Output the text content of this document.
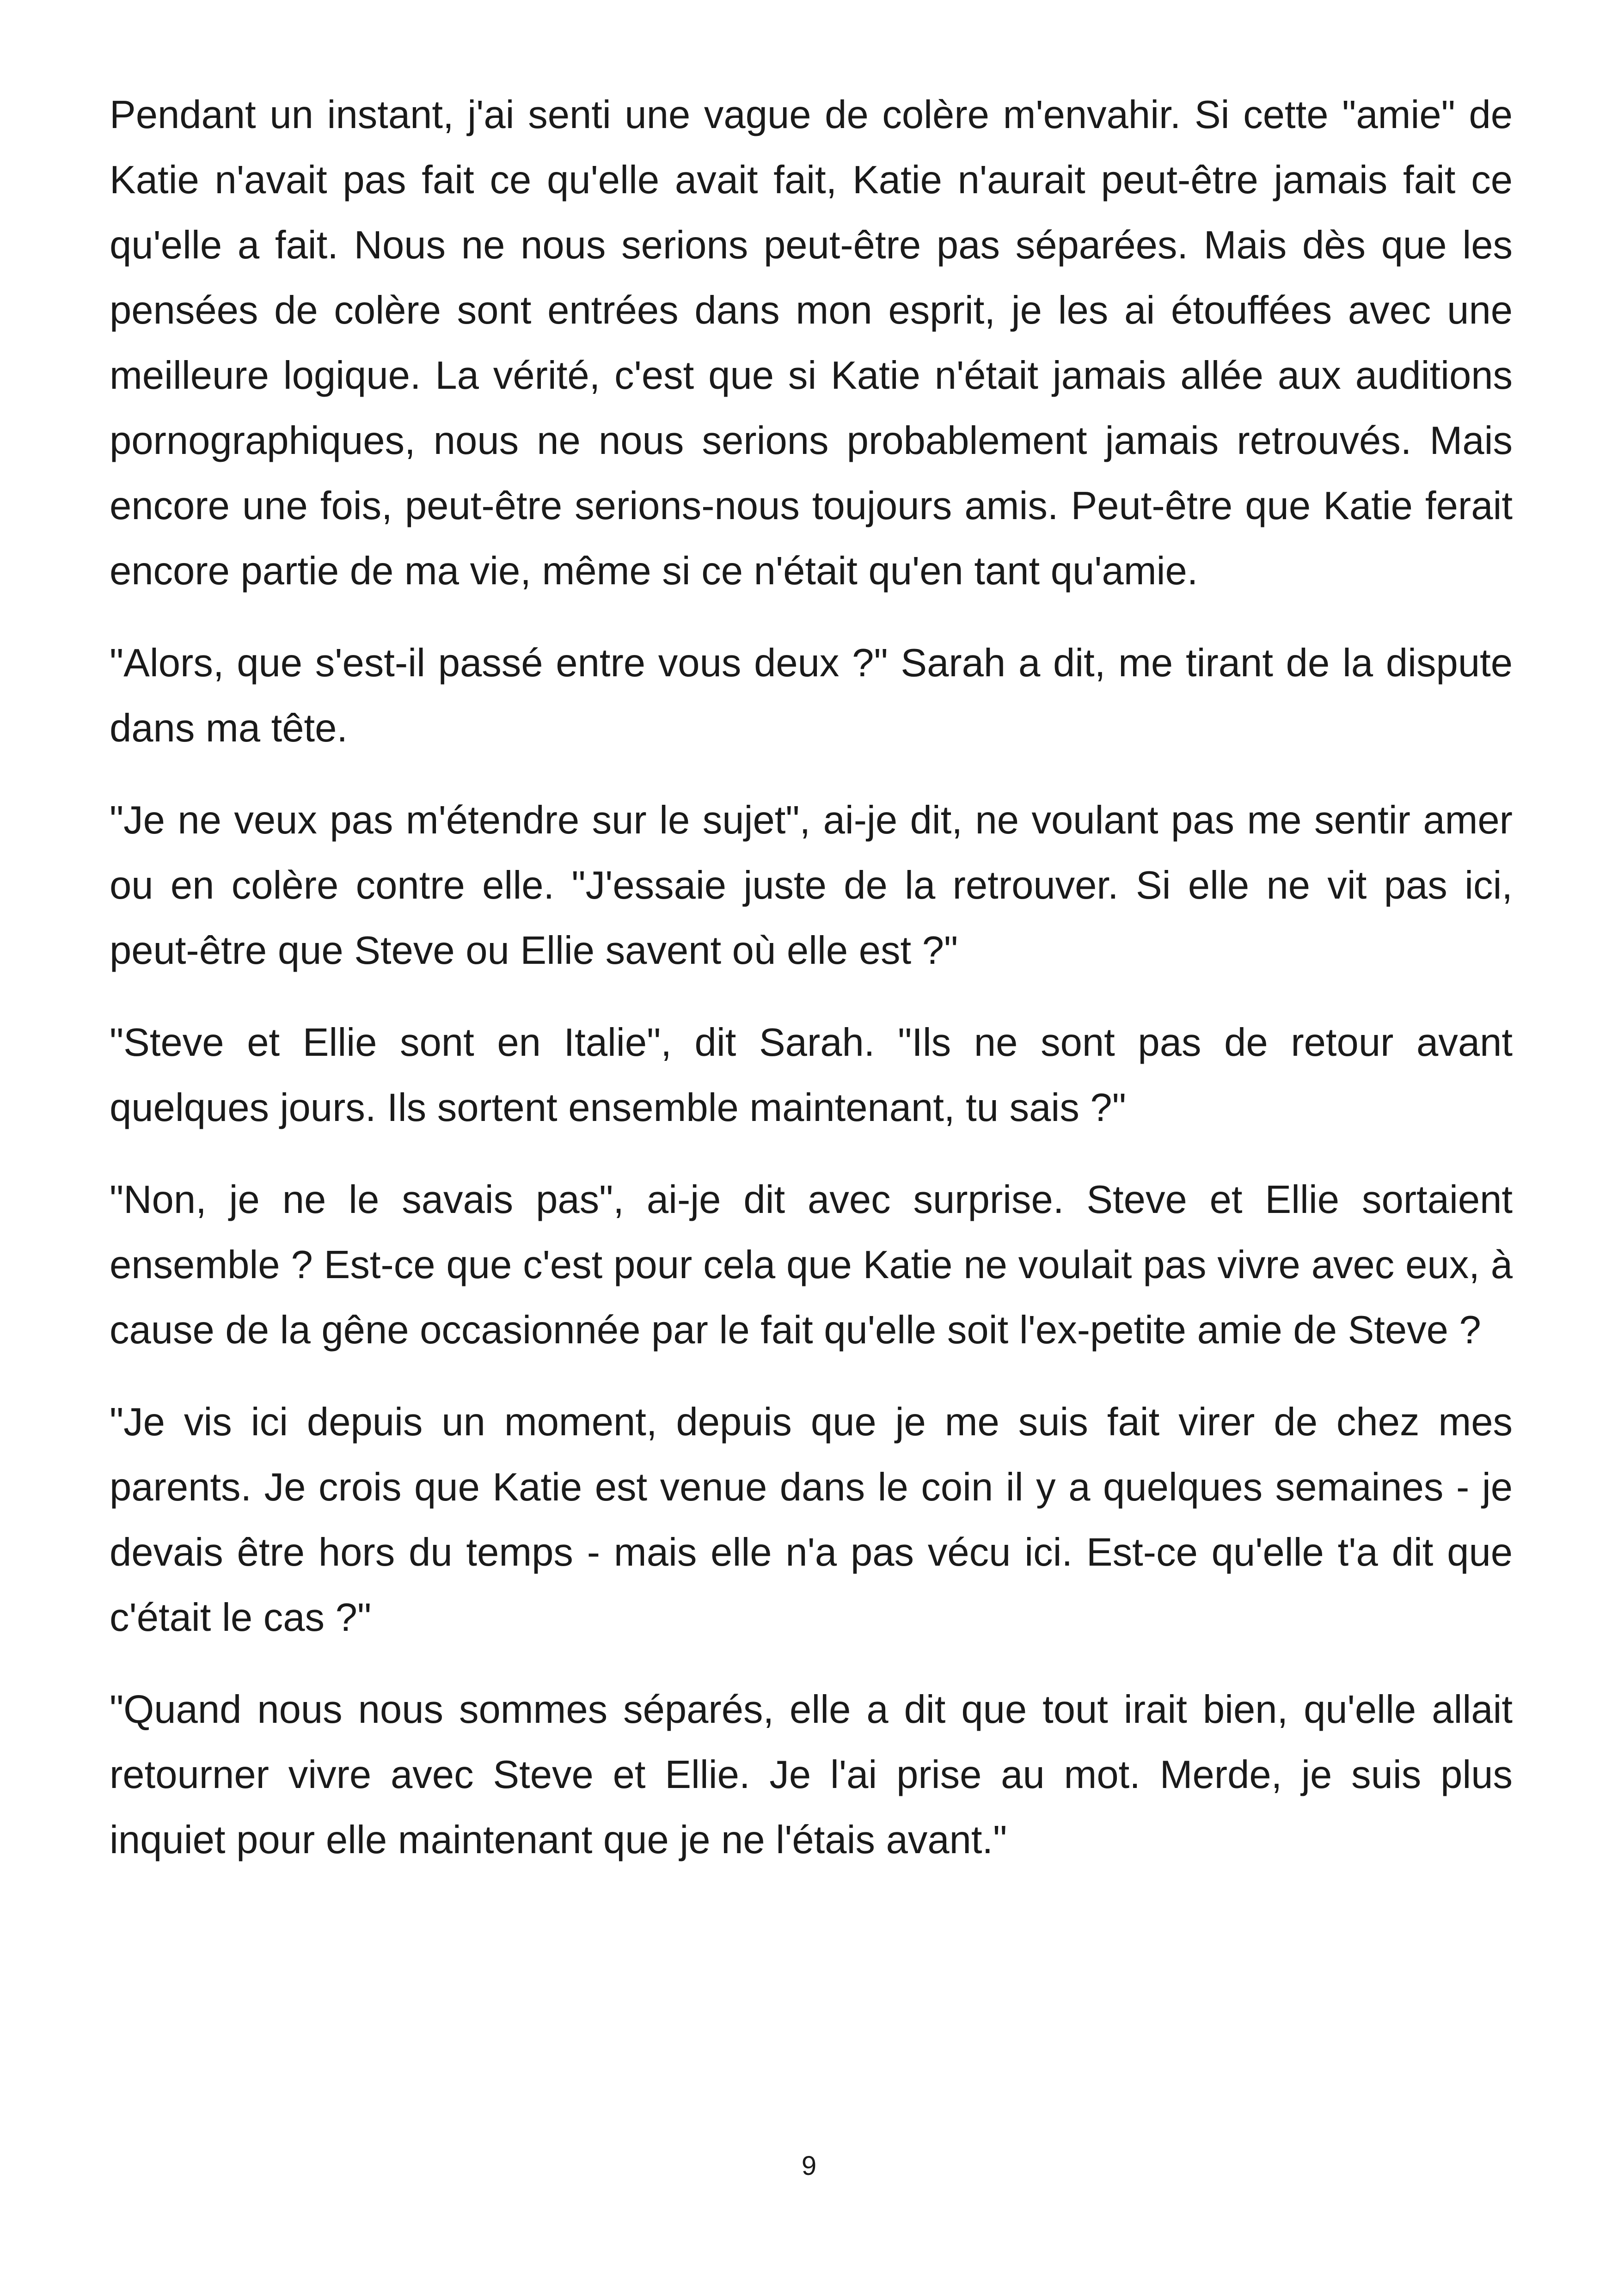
Pendant un instant, j'ai senti une vague de colère m'envahir. Si cette "amie" de Katie n'avait pas fait ce qu'elle avait fait, Katie n'aurait peut-être jamais fait ce qu'elle a fait. Nous ne nous serions peut-être pas séparées. Mais dès que les pensées de colère sont entrées dans mon esprit, je les ai étouffées avec une meilleure logique. La vérité, c'est que si Katie n'était jamais allée aux auditions pornographiques, nous ne nous serions probablement jamais retrouvés. Mais encore une fois, peut-être serions-nous toujours amis. Peut-être que Katie ferait encore partie de ma vie, même si ce n'était qu'en tant qu'amie.

"Alors, que s'est-il passé entre vous deux ?" Sarah a dit, me tirant de la dispute dans ma tête.

"Je ne veux pas m'étendre sur le sujet", ai-je dit, ne voulant pas me sentir amer ou en colère contre elle. "J'essaie juste de la retrouver. Si elle ne vit pas ici, peut-être que Steve ou Ellie savent où elle est ?"

"Steve et Ellie sont en Italie", dit Sarah. "Ils ne sont pas de retour avant quelques jours. Ils sortent ensemble maintenant, tu sais ?"

"Non, je ne le savais pas", ai-je dit avec surprise. Steve et Ellie sortaient ensemble ? Est-ce que c'est pour cela que Katie ne voulait pas vivre avec eux, à cause de la gêne occasionnée par le fait qu'elle soit l'ex-petite amie de Steve ?

"Je vis ici depuis un moment, depuis que je me suis fait virer de chez mes parents. Je crois que Katie est venue dans le coin il y a quelques semaines - je devais être hors du temps - mais elle n'a pas vécu ici. Est-ce qu'elle t'a dit que c'était le cas ?"

"Quand nous nous sommes séparés, elle a dit que tout irait bien, qu'elle allait retourner vivre avec Steve et Ellie. Je l'ai prise au mot. Merde, je suis plus inquiet pour elle maintenant que je ne l'étais avant."

9
